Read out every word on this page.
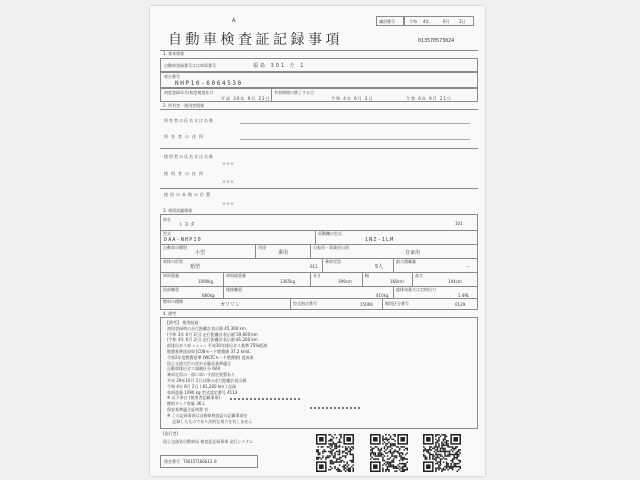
A	識別番号	令和 4年	6月 2日
自動車検査証記録事項	013570573024
1. 基本情報
自動車登録番号又は車両番号	福島 301 た 1
車台番号
NHP10-6064530
初度登録年月/初度検査年月
平成 30年 9月 22日
有効期間の満了する日
令和 4年 6月 2日	令和 6年 9月 21日
2. 所有者・使用者情報
所有者の氏名又は名称
所有者の住所
使用者の氏名又は名称
＊＊＊
使用者の住所
＊＊＊
使用の本拠の位置
＊＊＊
3. 車両詳細情報
車名
トヨタ	101
型式
DAA-NHP10
原動機の型式
1NZ-1LM
自動車の種別
小型
用途
乗用
自家用・事業用の別
自家用
車体の形状
箱型	011
乗車定員
5人
最大積載量
－
車両重量
1090kg
車両総重量
1365kg
長さ
399cm
幅
169cm
高さ
144cm
前前軸重
680kg
後後軸重
410kg
総排気量又は定格出力
1.49L
燃料の種類
ガソリン	型式指定番号	15069	類別区分番号	0129
4. 備考
【備考】 使用経過：
初回登録時の走行距離計表示値 45,300 km
(令和 3年 6月 2日) 走行距離計表示値 59,600 km
(令和 4年 6月 2日) 走行距離計表示値 81,200 km
低排出ガス車 ☆☆☆☆ 平成30年排出ガス基準 75%低減
燃費基準達成車 JC08モード燃費値 37.2 km/L
令和2年度燃費基準 (WLTCモード燃費値) 達成車
国土交通大臣の定める騒音基準適合
自動車排出ガス規制区分 6AA
乗車定員の一部に車いす固定装置あり
平成 29年10月 1日以降の走行距離計表示値
令和 4年 6月 2日 ( 81,200 km ) 記録
車両重量 1090 kg 型式認定番号 4113
※ 以下余白 (使用者記載事項)
燃料タンク容量 36 L
保安基準適合証明書 有
※ この記録事項は自動車検査証の記載事項を
　 記録したものであり法的な効力を有しません
[発行者]
国土交通省自動車局 検査証記録事項 発行システム
照会番号 T46157166613.8
